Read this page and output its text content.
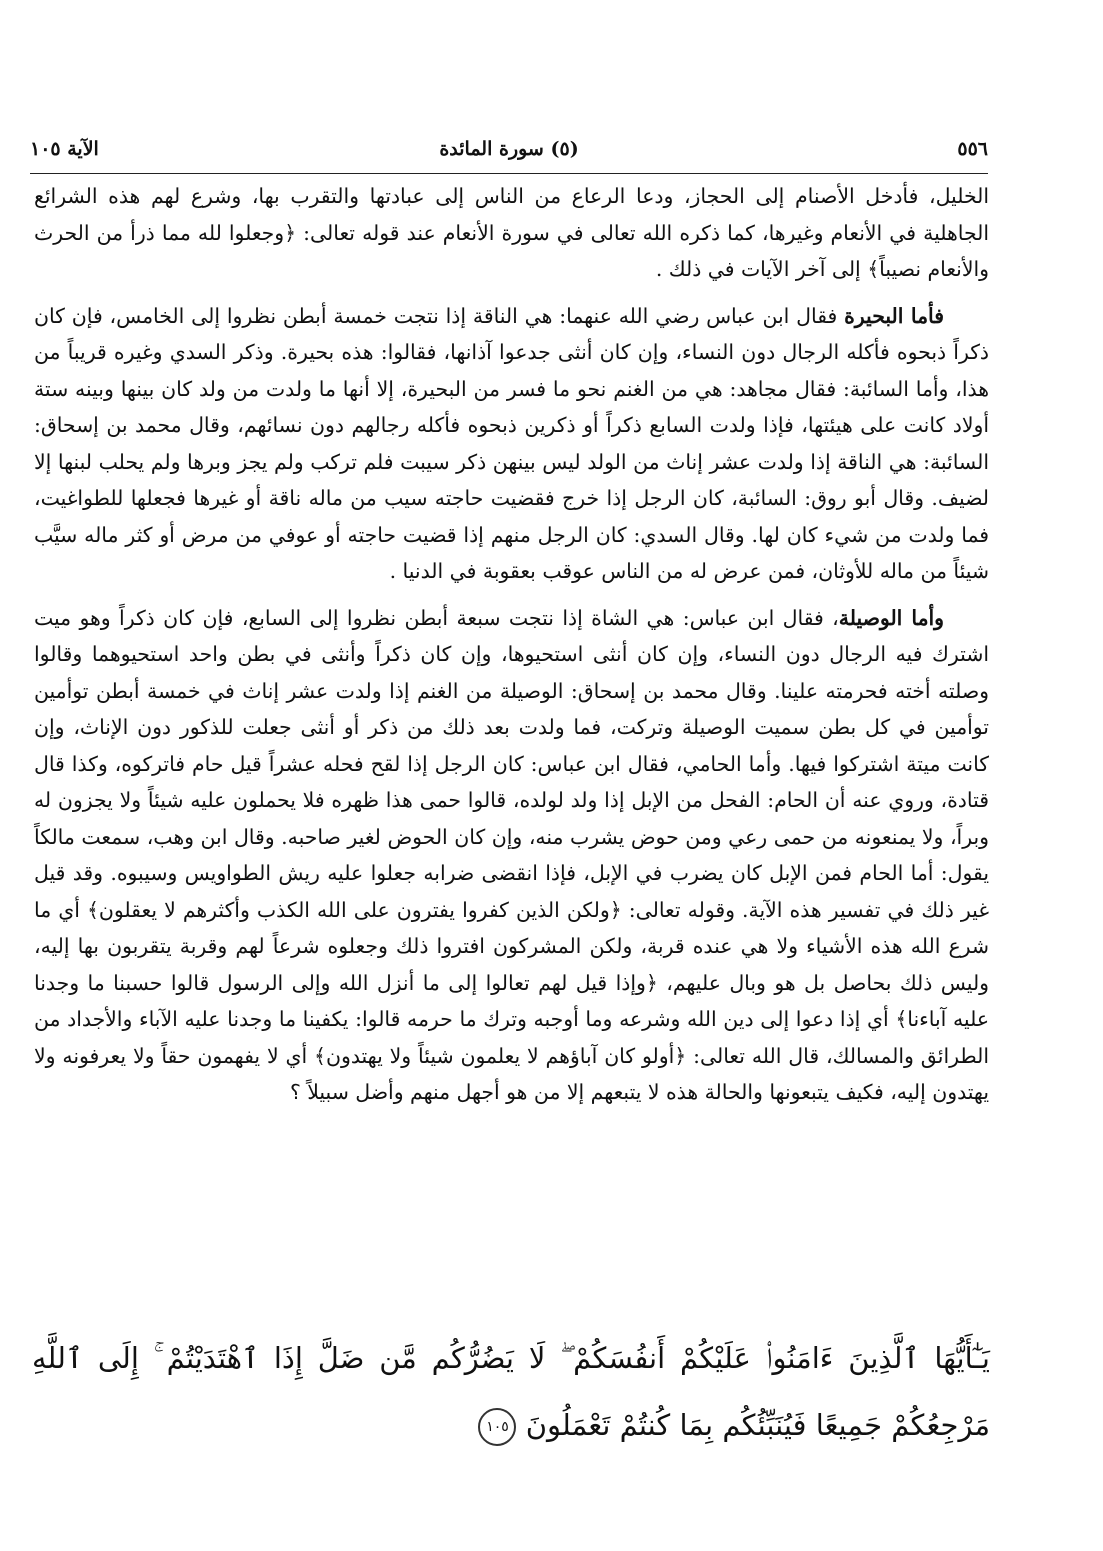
الآية ١٠٥	(٥) سورة المائدة	٥٥٦

الخليل، فأدخل الأصنام إلى الحجاز، ودعا الرعاع من الناس إلى عبادتها والتقرب بها، وشرع لهم هذه الشرائع الجاهلية في الأنعام وغيرها، كما ذكره الله تعالى في سورة الأنعام عند قوله تعالى: ﴿وجعلوا لله مما ذرأ من الحرث والأنعام نصيباً﴾ إلى آخر الآيات في ذلك .

فأما البحيرة فقال ابن عباس رضي الله عنهما: هي الناقة إذا نتجت خمسة أبطن نظروا إلى الخامس، فإن كان ذكراً ذبحوه فأكله الرجال دون النساء، وإن كان أنثى جدعوا آذانها، فقالوا: هذه بحيرة. وذكر السدي وغيره قريباً من هذا، وأما السائبة: فقال مجاهد: هي من الغنم نحو ما فسر من البحيرة، إلا أنها ما ولدت من ولد كان بينها وبينه ستة أولاد كانت على هيئتها، فإذا ولدت السابع ذكراً أو ذكرين ذبحوه فأكله رجالهم دون نسائهم، وقال محمد بن إسحاق: السائبة: هي الناقة إذا ولدت عشر إناث من الولد ليس بينهن ذكر سيبت فلم تركب ولم يجز وبرها ولم يحلب لبنها إلا لضيف. وقال أبو روق: السائبة، كان الرجل إذا خرج فقضيت حاجته سيب من ماله ناقة أو غيرها فجعلها للطواغيت، فما ولدت من شيء كان لها. وقال السدي: كان الرجل منهم إذا قضيت حاجته أو عوفي من مرض أو كثر ماله سيَّب شيئاً من ماله للأوثان، فمن عرض له من الناس عوقب بعقوبة في الدنيا .

وأما الوصيلة، فقال ابن عباس: هي الشاة إذا نتجت سبعة أبطن نظروا إلى السابع، فإن كان ذكراً وهو ميت اشترك فيه الرجال دون النساء، وإن كان أنثى استحيوها، وإن كان ذكراً وأنثى في بطن واحد استحيوهما وقالوا وصلته أخته فحرمته علينا. وقال محمد بن إسحاق: الوصيلة من الغنم إذا ولدت عشر إناث في خمسة أبطن توأمين توأمين في كل بطن سميت الوصيلة وتركت، فما ولدت بعد ذلك من ذكر أو أنثى جعلت للذكور دون الإناث، وإن كانت ميتة اشتركوا فيها. وأما الحامي، فقال ابن عباس: كان الرجل إذا لقح فحله عشراً قيل حام فاتركوه، وكذا قال قتادة، وروي عنه أن الحام: الفحل من الإبل إذا ولد لولده، قالوا حمى هذا ظهره فلا يحملون عليه شيئاً ولا يجزون له وبراً، ولا يمنعونه من حمى رعي ومن حوض يشرب منه، وإن كان الحوض لغير صاحبه. وقال ابن وهب، سمعت مالكاً يقول: أما الحام فمن الإبل كان يضرب في الإبل، فإذا انقضى ضرابه جعلوا عليه ريش الطواويس وسيبوه. وقد قيل غير ذلك في تفسير هذه الآية. وقوله تعالى: ﴿ولكن الذين كفروا يفترون على الله الكذب وأكثرهم لا يعقلون﴾ أي ما شرع الله هذه الأشياء ولا هي عنده قربة، ولكن المشركون افتروا ذلك وجعلوه شرعاً لهم وقربة يتقربون بها إليه، وليس ذلك بحاصل بل هو وبال عليهم، ﴿وإذا قيل لهم تعالوا إلى ما أنزل الله وإلى الرسول قالوا حسبنا ما وجدنا عليه آباءنا﴾ أي إذا دعوا إلى دين الله وشرعه وما أوجبه وترك ما حرمه قالوا: يكفينا ما وجدنا عليه الآباء والأجداد من الطرائق والمسالك، قال الله تعالى: ﴿أولو كان آباؤهم لا يعلمون شيئاً ولا يهتدون﴾ أي لا يفهمون حقاً ولا يعرفونه ولا يهتدون إليه، فكيف يتبعونها والحالة هذه لا يتبعهم إلا من هو أجهل منهم وأضل سبيلاً ؟

يَـٰٓأَيُّهَا ٱلَّذِينَ ءَامَنُوا۟ عَلَيْكُمْ أَنفُسَكُمْ ۖ لَا يَضُرُّكُم مَّن ضَلَّ إِذَا ٱهْتَدَيْتُمْ ۚ إِلَى ٱللَّهِ مَرْجِعُكُمْ جَمِيعًا فَيُنَبِّئُكُم بِمَا كُنتُمْ تَعْمَلُونَ ١٠٥
